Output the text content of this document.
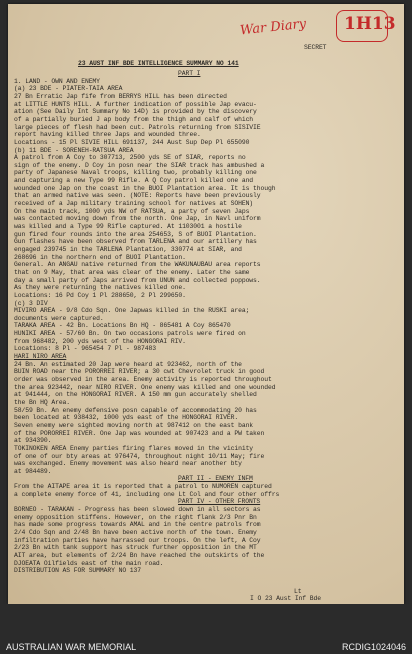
War Diary 1H13
SECRET
23 AUST INF BDE INTELLIGENCE SUMMARY NO 141
PART I
1. LAND - OWN AND ENEMY
(a) 23 BDE - PIATER-TAIA AREA
27 Bn Erratic Jap fife from BERRYS HILL has been directed
at LITTLE HUNTS HILL. A further indication of possible Jap evacu-
ation (See Daily Int Summary No 14D) is provided by the discovery
of a partially buried J ap body from the thigh and calf of which
large pieces of flesh had been cut. Patrols returning from SISIVIE
report having killed three Japs and wounded three.
Locations - 15 Pl SIVIE HILL 691137, 244 Aust Sup Dep Pl 655090
(b) 11 BDE - SORENEH-RATSUA AREA
A patrol from A Coy to 307713, 2500 yds SE of SIAR, reports no
sign of the enemy. D Coy in posn near the SIAR track has ambushed a
party of Japanese Naval troops, killing two, probably killing one
and capturing a new Type 99 Rifle. A Q Coy patrol killed one and
wounded one Jap on the coast in the BUOI Plantation area. It is though
that an armed native was seen. (NOTE: Reports have been previously
received of a Jap military training school for natives at SOHEN)
On the main track, 1000 yds NW of RATSUA, a party of seven Japs
was contacted moving down from the north. One Jap, in Navl uniform
was killed and a Type 99 Rifle captured. At 1103001 a hostile
gun fired four rounds into the area 254653, S of BUOI Plantation.
Gun flashes have been observed from TARLENA and our artillery has
engaged 239745 in the TARLENA Plantation, 330774 at SIAR, and
268696 in the northern end of BUOI Plantation.
General. An ANGAU native returned from the WAKUNAUBAU area reports
that on 9 May, that area was clear of the enemy. Later the same
day a small party of Japs arrived from UNUN and collected poppows.
As they were returning the natives killed one.
Locations: 16 Pd Coy 1 Pl 288650, 2 Pl 299650.
(c) 3 DIV
MIVIRO AREA - 9/8 Cdo Sqn. One Japwas killed in the RUSKI area;
documents were captured.
TARAKA AREA - 42 Bn. Locations Bn HQ - 865481 A Coy 865470
HUNIKI AREA - 57/60 Bn. On two occasions patrols were fired on
from 968482, 200 yds west of the HONGORAI RIV.
Locations: 8 Pl - 965454 7 Pl - 987483
HARI NIRO AREA
24 Bn. An estimated 20 Jap were heard at 923462, north of the
BUIN ROAD near the PORORREI RIVER; a 30 cwt Chevrolet truck in good
order was observed in the area. Enemy activity is reported throughout
the area 923442, near NIRO RIVER. One enemy was killed and one wounded
at 941444, on the HONGORAI RIVER. A 150 mm gun accurately shelled
the Bn HQ Area.
58/59 Bn. An enemy defensive posn capable of accommodating 20 has
been located at 938432, 1000 yds east of the HONGORAI RIVER.
Seven enemy were sighted moving north at 987412 on the east bank
of the PORORREI RIVER. One Jap was wounded at 907423 and a PW taken
at 934390.
TOKINOKEN AREA Enemy parties firing flares moved in the vicinity
of one of our bty areas at 976474, throughout night 10/11 May; fire
was exchanged. Enemy movement was also heard near another bty
at 984489.
PART II - ENEMY INFM
From the AITAPE area it is reported that a patrol to NUMOREN captured
a complete enemy force of 41, including one Lt Col and four other offrs
PART IV - OTHER FRONTS
BORNEO - TARAKAN - Progress has been slowed down in all sectors as
enemy opposition stiffens. However, on the right flank 2/3 Pnr Bn
has made some progress towards AMAL and in the centre patrols from
2/4 Cdo Sqn and 2/48 Bn have been active north of the town. Enemy
infiltration parties have harrassed our troops. On the left, A Coy
2/23 Bn with tank support has struck further opposition in the MT
AIT area, but elements of 2/24 Bn have reached the outskirts of the
DJOEATA Oilfields east of the main road.
DISTRIBUTION AS FOR SUMMARY NO 137
Lt
I O 23 Aust Inf Bde
AUSTRALIAN WAR MEMORIAL	RCDIG1024046
